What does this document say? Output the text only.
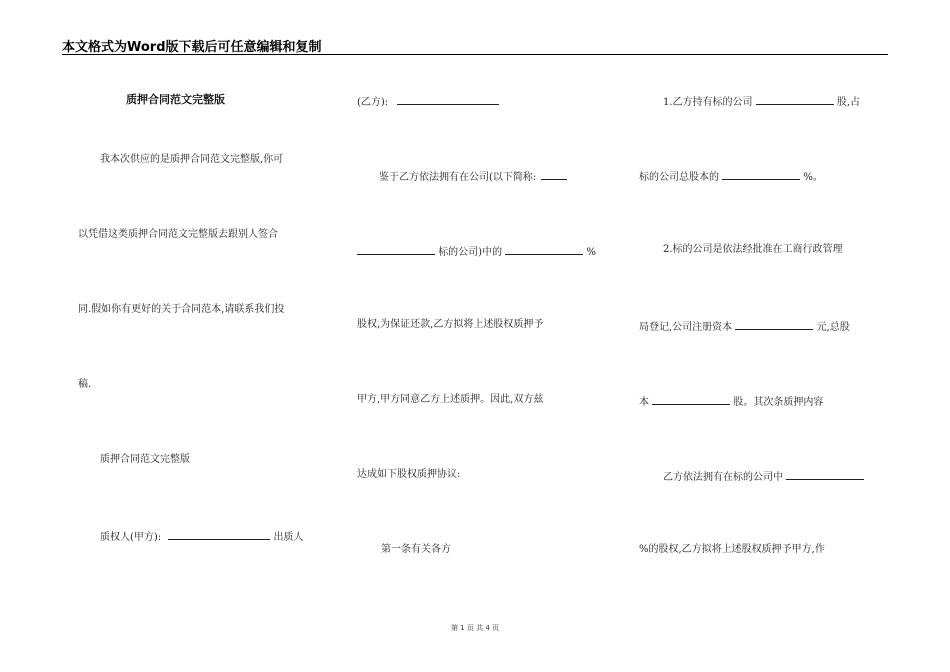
本文格式为Word版下载后可任意编辑和复制
质押合同范文完整版
我本次供应的是质押合同范文完整版,你可
以凭借这类质押合同范文完整版去跟别人签合
同.假如你有更好的关于合同范本,请联系我们投
稿.
质押合同范文完整版
质权人(甲方):	出质人
(乙方):
鉴于乙方依法拥有在公司(以下简称:
标的公司)中的	%
股权,为保证还款,乙方拟将上述股权质押予
甲方,甲方同意乙方上述质押。因此,双方兹
达成如下股权质押协议:
第一条有关各方
1.乙方持有标的公司	股,占
标的公司总股本的	%。
2.标的公司是依法经批准在工商行政管理
局登记,公司注册资本	元,总股
本	股。其次条质押内容
乙方依法拥有在标的公司中
%的股权,乙方拟将上述股权质押予甲方,作
第 1 页 共 4 页
